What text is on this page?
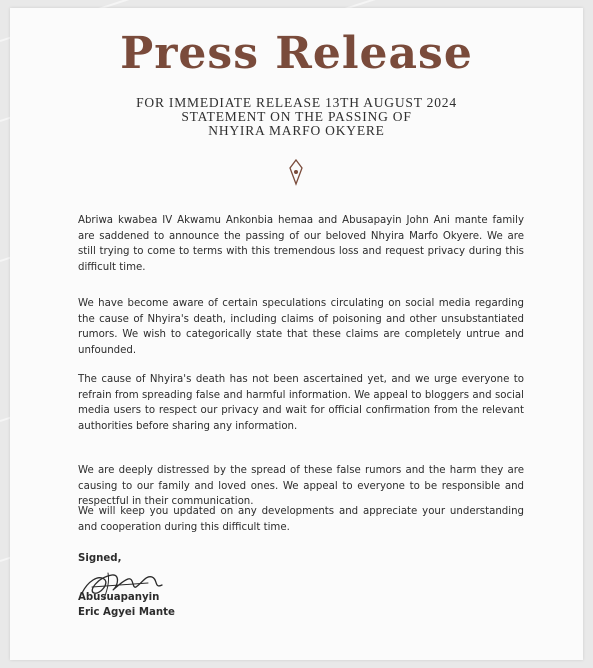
Press Release

FOR IMMEDIATE RELEASE 13TH AUGUST 2024

STATEMENT ON THE PASSING OF

NHYIRA MARFO OKYERE

Abriwa kwabea IV Akwamu Ankonbia hemaa and Abusapayin John Ani mante family are saddened to announce the passing of our beloved Nhyira Marfo Okyere. We are still trying to come to terms with this tremendous loss and request privacy during this difficult time.

We have become aware of certain speculations circulating on social media regarding the cause of Nhyira's death, including claims of poisoning and other unsubstantiated rumors. We wish to categorically state that these claims are completely untrue and unfounded.

The cause of Nhyira's death has not been ascertained yet, and we urge everyone to refrain from spreading false and harmful information. We appeal to bloggers and social media users to respect our privacy and wait for official confirmation from the relevant authorities before sharing any information.

We are deeply distressed by the spread of these false rumors and the harm they are causing to our family and loved ones. We appeal to everyone to be responsible and respectful in their communication.

We will keep you updated on any developments and appreciate your understanding and cooperation during this difficult time.

Signed,
Abusuapanyin
Eric Agyei Mante
